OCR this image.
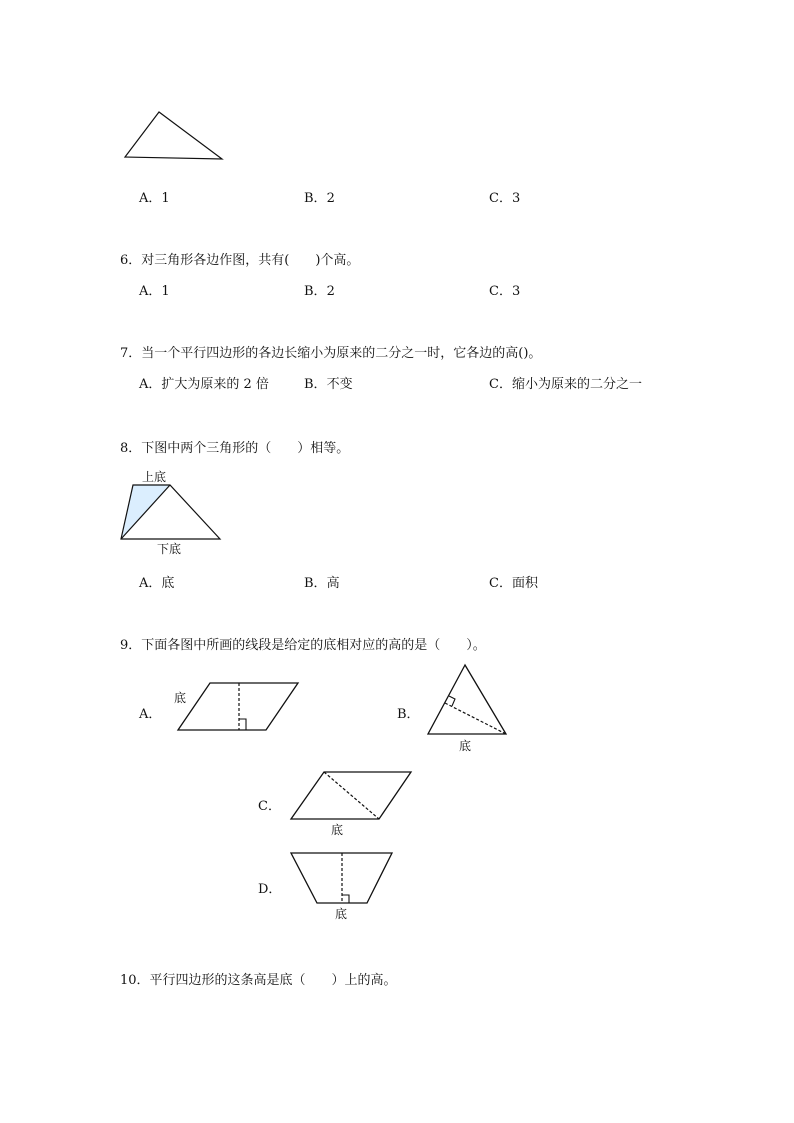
A．1	B．2	C．3
6．对三角形各边作图，共有(　　)个高。
A．1	B．2	C．3
7．当一个平行四边形的各边长缩小为原来的二分之一时，它各边的高()。
A．扩大为原来的 2 倍	B．不变	C．缩小为原来的二分之一
8．下图中两个三角形的（　　）相等。
上底
下底
A．底	B．高	C．面积
9．下面各图中所画的线段是给定的底相对应的高的是（　　）。
A．
底
B．
底
C．
底
D．
底
10．平行四边形的这条高是底（　　）上的高。
